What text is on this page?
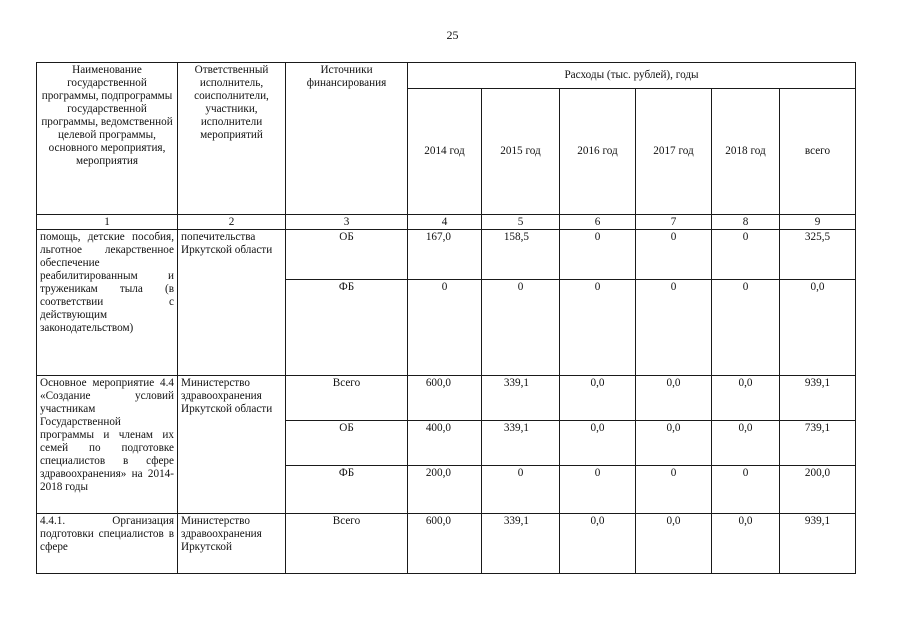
25
Наименование государственной программы, подпрограммы государственной программы, ведомственной целевой программы, основного мероприятия, мероприятия	Ответственный исполнитель, соисполнители, участники, исполнители мероприятий	Источники финансирования	Расходы (тыс. рублей), годы					
			2014 год	2015 год	2016 год	2017 год	2018 год	всего
1	2	3	4	5	6	7	8	9
помощь, детские пособия, льготное лекарственное обеспечение реабилитированным и труженикам тыла (в соответствии с действующим законодательством)	попечительства Иркутской области	ОБ	167,0	158,5	0	0	0	325,5
		ФБ	0	0	0	0	0	0,0
Основное мероприятие 4.4 «Создание условий участникам Государственной программы и членам их семей по подготовке специалистов в сфере здравоохранения» на 2014-2018 годы	Министерство здравоохранения Иркутской области	Всего	600,0	339,1	0,0	0,0	0,0	939,1
		ОБ	400,0	339,1	0,0	0,0	0,0	739,1
		ФБ	200,0	0	0	0	0	200,0
4.4.1. Организация подготовки специалистов в сфере	Министерство здравоохранения Иркутской	Всего	600,0	339,1	0,0	0,0	0,0	939,1
